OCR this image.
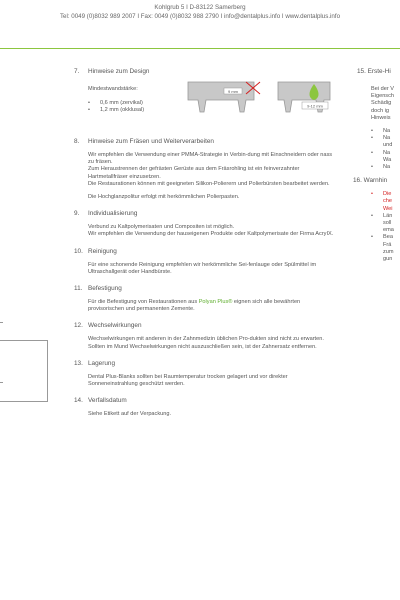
Kohlgrub 5 I D-83122 Samerberg
Tel: 0049 (0)8032 989 2007 I Fax: 0049 (0)8032 988 2790 I info@dentalplus.info I www.dentalplus.info

7. Hinweise zum Design

Mindestwandstärke:

• 0,6 mm (zervikal)
• 1,2 mm (okklusal)
9 mm
9-12 mm

8. Hinweise zum Fräsen und Weiterverarbeiten

Wir empfehlen die Verwendung einer PMMA-Strategie in Verbin-dung mit Einschneidern oder nass zu fräsen.

Zum Heraustrennen der gefrästen Gerüste aus dem Fräsrohling ist ein feinverzahnter Hartmetallfräser einzusetzen.

Die Restaurationen können mit geeigneten Silikon-Polierern und Polierbürsten bearbeitet werden.

Die Hochglanzpolitur erfolgt mit herkömmlichen Polierpasten.

9. Individualisierung

Verbund zu Kaltpolymerisaten und Compositen ist möglich.

Wir empfehlen die Verwendung der hauseigenen Produkte oder Kaltpolymerisate der Firma AcryIX.

10. Reinigung

Für eine schonende Reinigung empfehlen wir herkömmliche Sei-fenlauge oder Spülmittel im Ultraschallgerät oder Handbürste.

11. Befestigung

Für die Befestigung von Restaurationen aus Polyan Plus® eignen sich alle bewährten provisorischen und permanenten Zemente.

12. Wechselwirkungen

Wechselwirkungen mit anderen in der Zahnmedizin üblichen Pro-dukten sind nicht zu erwarten. Sollten im Mund Wechselwirkungen nicht auszuschließen sein, ist der Zahnersatz entfernen.

13. Lagerung

Dental Plus-Blanks sollten bei Raumtemperatur trocken gelagert und vor direkter Sonneneinstrahlung geschützt werden.

14. Verfallsdatum

Siehe Etikett auf der Verpackung.

15. Erste-Hi

Bei der V
Eigensch
Schädig
doch ig
Hinweis
• Na
• Na
und
• Na
Wa
• Na

16. Warnhin

• Die
che
Wei
• Län
soll
ema
• Bea
Frä
zum
gun
